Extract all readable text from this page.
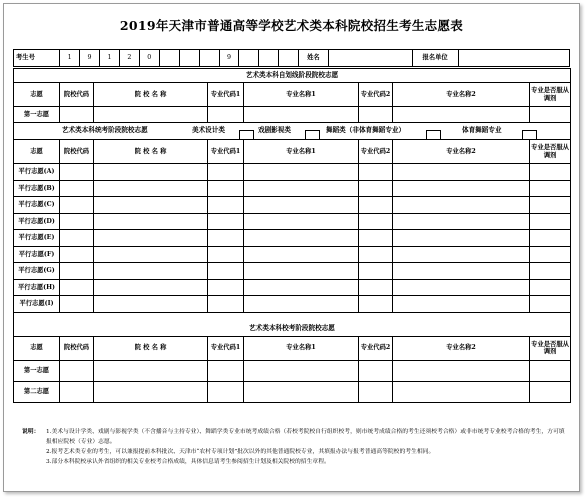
2019年天津市普通高等学校艺术类本科院校招生考生志愿表
考生号	1	9	1	2	0				9				姓名		报名单位	
艺术类本科自划线阶段院校志愿							
志愿	院校代码	院 校 名 称	专业代码1	专业名称1	专业代码2	专业名称2	专业是否服从调剂
第一志愿							

艺术类本科统考阶段院校志愿 美术设计类 戏剧影视类 舞蹈类（非体育舞蹈专业） 体育舞蹈专业							

志愿	院校代码	院 校 名 称	专业代码1	专业名称1	专业代码2	专业名称2	专业是否服从调剂
平行志愿(A)							
平行志愿(B)							
平行志愿(C)							
平行志愿(D)							
平行志愿(E)							
平行志愿(F)							
平行志愿(G)							
平行志愿(H)							
平行志愿(I)							

艺术类本科校考阶段院校志愿							
志愿	院校代码	院 校 名 称	专业代码1	专业名称1	专业代码2	专业名称2	专业是否服从调剂
第一志愿							
第二志愿							
说明： 1.美术与设计学类、戏剧与影视学类（不含播音与主持专业）、舞蹈学类专业市统考成绩合格（若校考院校自行组织校考，则市统考成绩合格的考生还须校考合格）或非市统考专业校考合格的考生，方可填报相应院校（专业）志愿。
2.报考艺术类专业的考生，可以兼报提前本科批次、天津市“农村专项计划”批次以外的其他普通院校专业，其填报办法与报考普通高等院校的考生相同。
3.部分本科院校承认外省组织的相关专业校考合格成绩，具体信息请考生参阅招生计划及相关院校的招生章程。
